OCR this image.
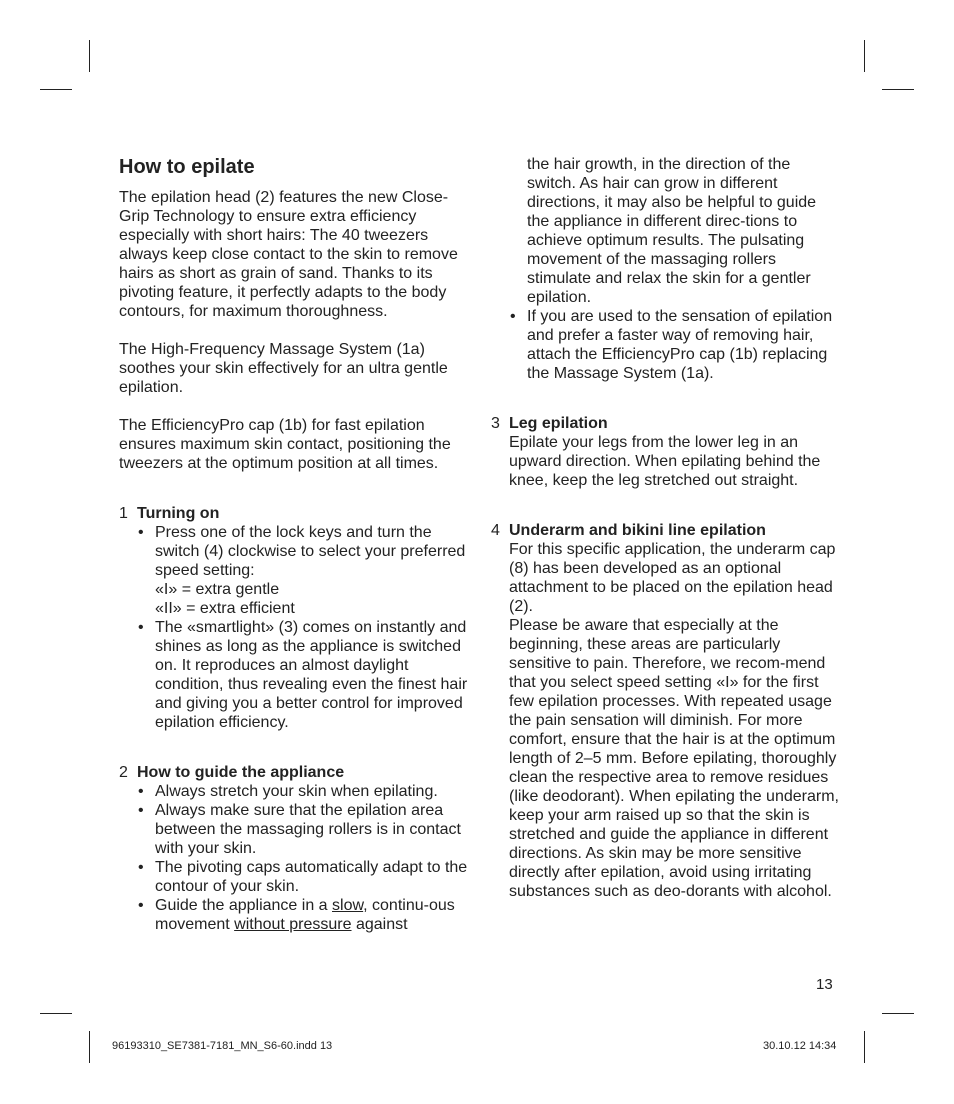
How to epilate

The epilation head (2) features the new Close-Grip Technology to ensure extra efficiency especially with short hairs: The 40 tweezers always keep close contact to the skin to remove hairs as short as grain of sand. Thanks to its pivoting feature, it perfectly adapts to the body contours, for maximum thoroughness.

The High-Frequency Massage System (1a) soothes your skin effectively for an ultra gentle epilation.

The EfficiencyPro cap (1b) for fast epilation ensures maximum skin contact, positioning the tweezers at the optimum position at all times.

1 Turning on
• Press one of the lock keys and turn the switch (4) clockwise to select your preferred speed setting:
«I» = extra gentle
«II» = extra efficient
• The «smartlight» (3) comes on instantly and shines as long as the appliance is switched on. It reproduces an almost daylight condition, thus revealing even the finest hair and giving you a better control for improved epilation efficiency.
2 How to guide the appliance
• Always stretch your skin when epilating.
• Always make sure that the epilation area between the massaging rollers is in contact with your skin.
• The pivoting caps automatically adapt to the contour of your skin.
• Guide the appliance in a slow, continu-ous movement without pressure against

the hair growth, in the direction of the switch. As hair can grow in different directions, it may also be helpful to guide the appliance in different direc-tions to achieve optimum results. The pulsating movement of the massaging rollers stimulate and relax the skin for a gentler epilation.

• If you are used to the sensation of epilation and prefer a faster way of removing hair, attach the EfficiencyPro cap (1b) replacing the Massage System (1a).
3 Leg epilation

Epilate your legs from the lower leg in an upward direction. When epilating behind the knee, keep the leg stretched out straight.

4 Underarm and bikini line epilation

For this specific application, the underarm cap (8) has been developed as an optional attachment to be placed on the epilation head (2).

Please be aware that especially at the beginning, these areas are particularly sensitive to pain. Therefore, we recom-mend that you select speed setting «I» for the first few epilation processes. With repeated usage the pain sensation will diminish. For more comfort, ensure that the hair is at the optimum length of 2–5 mm. Before epilating, thoroughly clean the respective area to remove residues (like deodorant). When epilating the underarm, keep your arm raised up so that the skin is stretched and guide the appliance in different directions. As skin may be more sensitive directly after epilation, avoid using irritating substances such as deo-dorants with alcohol.

13
96193310_SE7381-7181_MN_S6-60.indd 13	30.10.12 14:34
